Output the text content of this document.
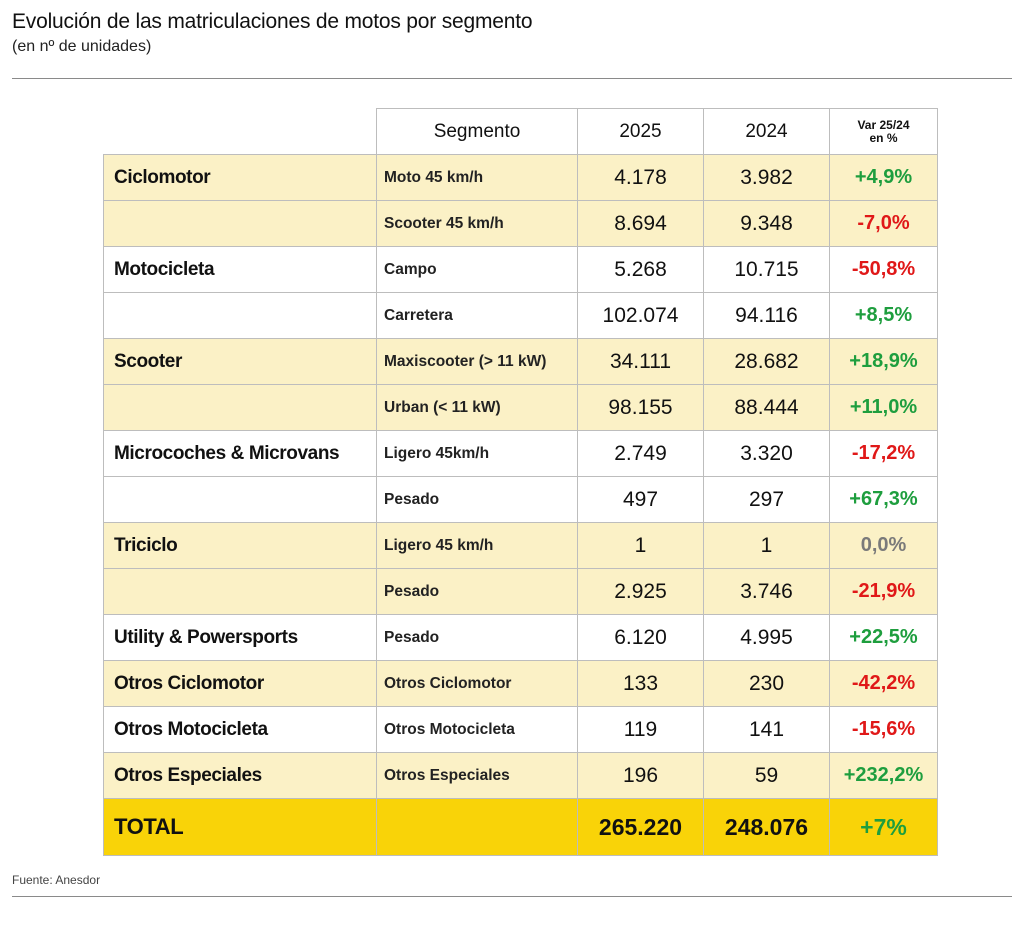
Evolución de las matriculaciones de motos por segmento
(en nº de unidades)
	Segmento	2025	2024	Var 25/24
en %
Ciclomotor	Moto 45 km/h	4.178	3.982	+4,9%
	Scooter 45 km/h	8.694	9.348	-7,0%
Motocicleta	Campo	5.268	10.715	-50,8%
	Carretera	102.074	94.116	+8,5%
Scooter	Maxiscooter (> 11 kW)	34.111	28.682	+18,9%
	Urban (< 11 kW)	98.155	88.444	+11,0%
Microcoches & Microvans	Ligero 45km/h	2.749	3.320	-17,2%
	Pesado	497	297	+67,3%
Triciclo	Ligero 45 km/h	1	1	0,0%
	Pesado	2.925	3.746	-21,9%
Utility & Powersports	Pesado	6.120	4.995	+22,5%
Otros Ciclomotor	Otros Ciclomotor	133	230	-42,2%
Otros Motocicleta	Otros Motocicleta	119	141	-15,6%
Otros Especiales	Otros Especiales	196	59	+232,2%
TOTAL		265.220	248.076	+7%
Fuente: Anesdor
